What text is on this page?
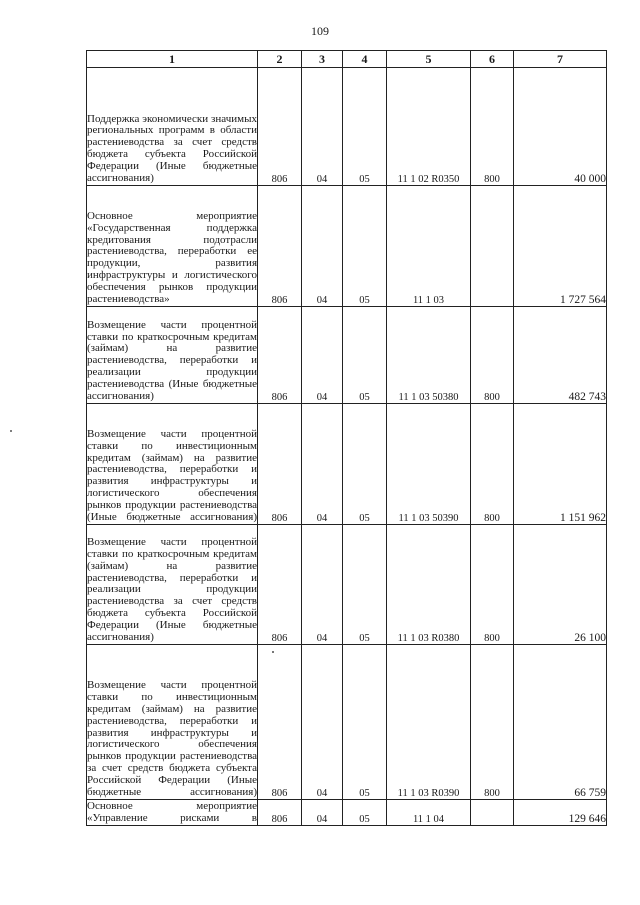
109
1	2	3	4	5	6	7
Поддержка экономически значимых региональных программ в области растениеводства за счет средств бюджета субъекта Российской Федерации (Иные бюджетные ассигнования)	806	04	05	11 1 02 R0350	800	40 000
Основное мероприятие «Государственная поддержка кредитования подотрасли растениеводства, переработки ее продукции, развития инфраструктуры и логистического обеспечения рынков продукции растениеводства»	806	04	05	11 1 03		1 727 564
Возмещение части процентной ставки по краткосрочным кредитам (займам) на развитие растениеводства, переработки и реализации продукции растениеводства (Иные бюджетные ассигнования)	806	04	05	11 1 03 50380	800	482 743
Возмещение части процентной ставки по инвестиционным кредитам (займам) на развитие растениеводства, переработки и развития инфраструктуры и логистического обеспечения рынков продукции растениеводства (Иные бюджетные ассигнования)	806	04	05	11 1 03 50390	800	1 151 962
Возмещение части процентной ставки по краткосрочным кредитам (займам) на развитие растениеводства, переработки и реализации продукции растениеводства за счет средств бюджета субъекта Российской Федерации (Иные бюджетные ассигнования)	806	04	05	11 1 03 R0380	800	26 100
Возмещение части процентной ставки по инвестиционным кредитам (займам) на развитие растениеводства, переработки и развития инфраструктуры и логистического обеспечения рынков продукции растениеводства за счет средств бюджета субъекта Российской Федерации (Иные бюджетные ассигнования)	806	04	05	11 1 03 R0390	800	66 759
Основное мероприятие «Управление рисками в	806	04	05	11 1 04		129 646
